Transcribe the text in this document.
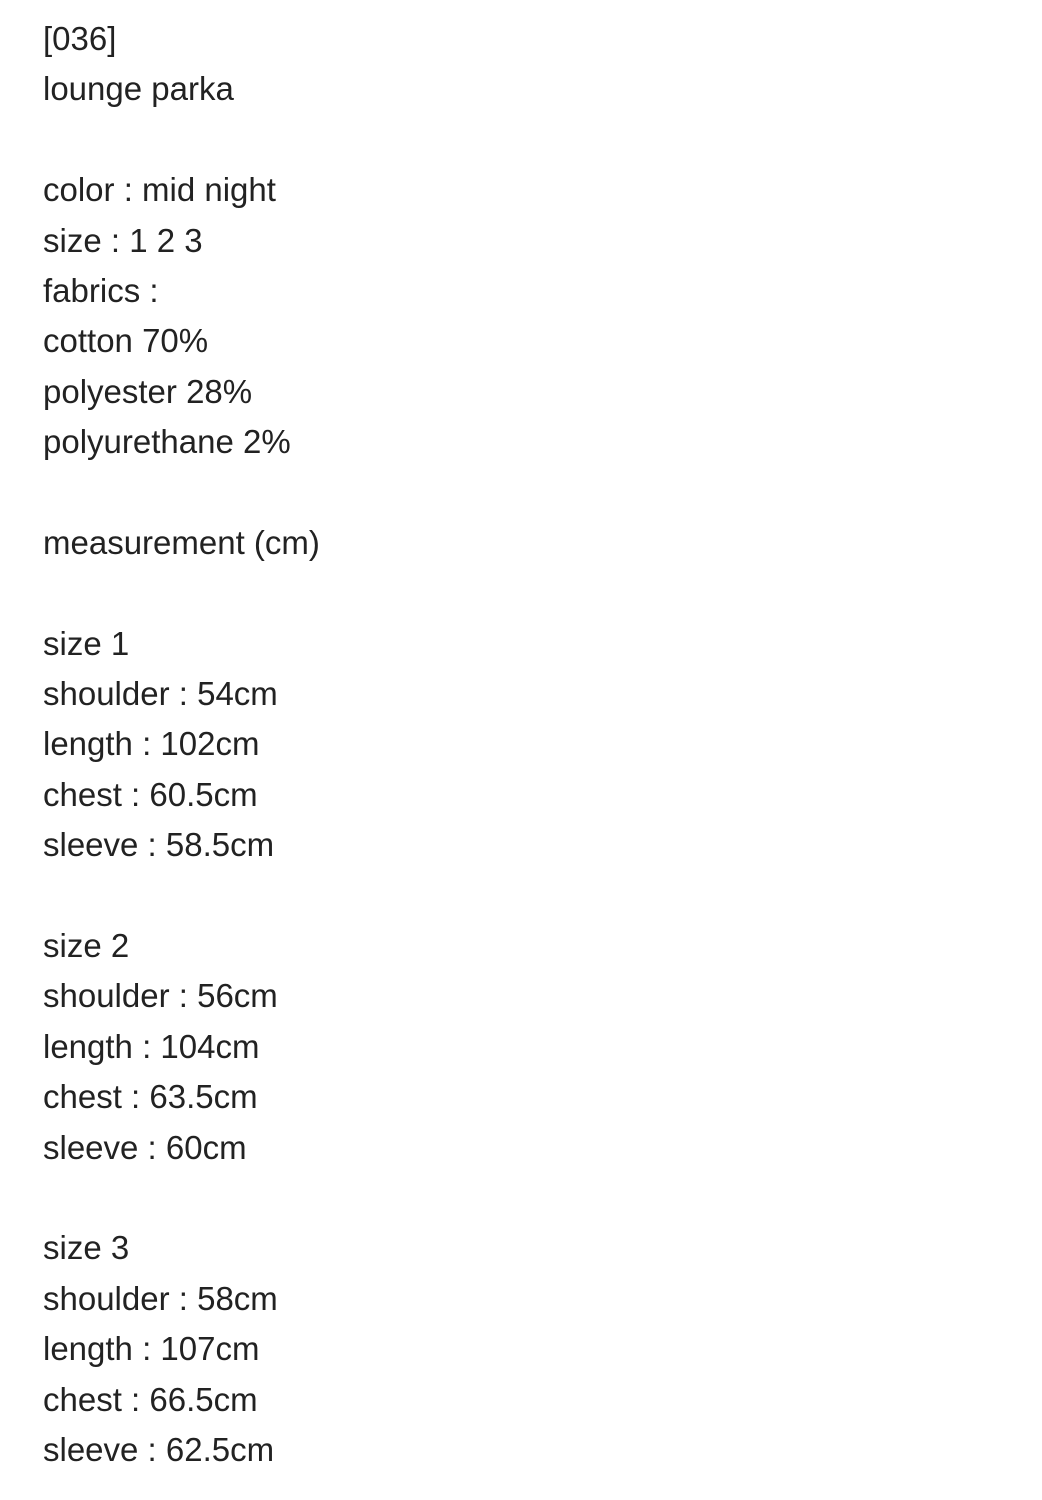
[036]
lounge parka
color : mid night
size : 1 2 3
fabrics :
cotton 70%
polyester 28%
polyurethane 2%
measurement (cm)
size 1
shoulder : 54cm
length : 102cm
chest : 60.5cm
sleeve : 58.5cm
size 2
shoulder : 56cm
length : 104cm
chest : 63.5cm
sleeve : 60cm
size 3
shoulder : 58cm
length : 107cm
chest : 66.5cm
sleeve : 62.5cm
